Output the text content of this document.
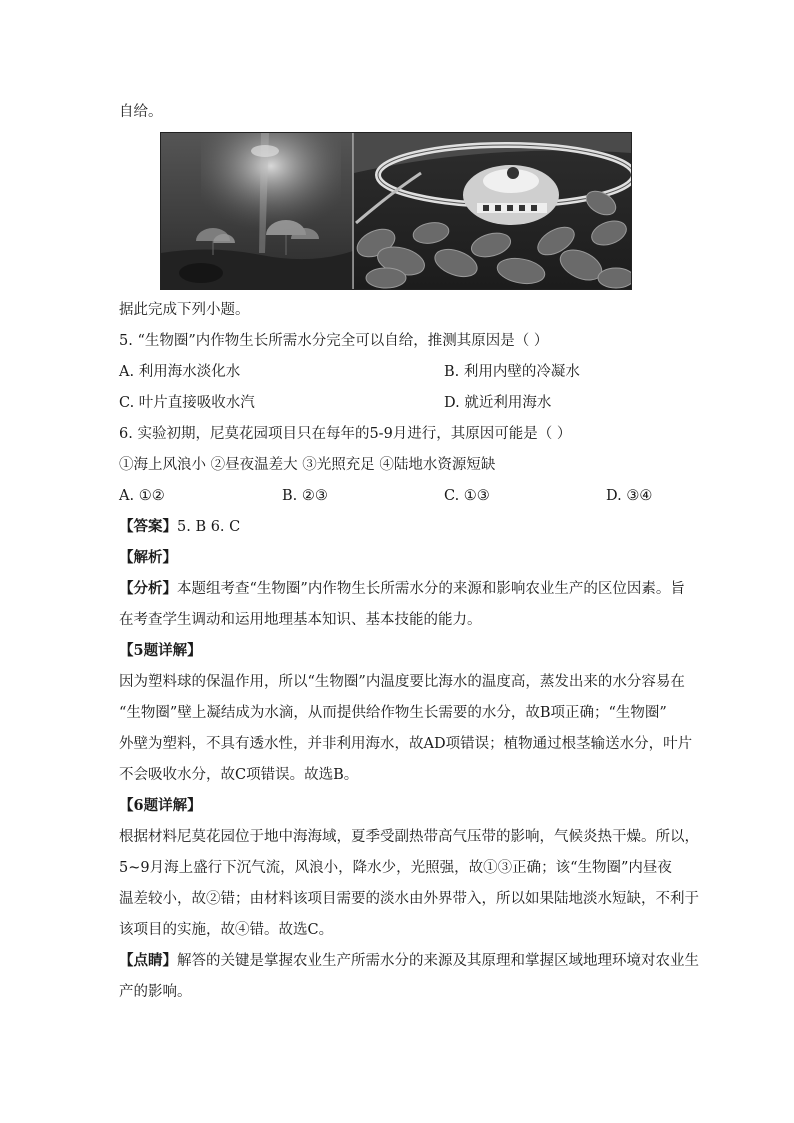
自给。
据此完成下列小题。
5. “生物圈”内作物生长所需水分完全可以自给，推测其原因是（ ）
A. 利用海水淡化水	B. 利用内壁的冷凝水
C. 叶片直接吸收水汽	D. 就近利用海水
6. 实验初期，尼莫花园项目只在每年的5-9月进行，其原因可能是（ ）
①海上风浪小 ②昼夜温差大 ③光照充足 ④陆地水资源短缺
A. ①②	B. ②③	C. ①③	D. ③④
【答案】5. B 6. C
【解析】
【分析】本题组考查“生物圈”内作物生长所需水分的来源和影响农业生产的区位因素。旨
在考查学生调动和运用地理基本知识、基本技能的能力。
【5题详解】
因为塑料球的保温作用，所以“生物圈”内温度要比海水的温度高，蒸发出来的水分容易在
“生物圈”壁上凝结成为水滴，从而提供给作物生长需要的水分，故B项正确；“生物圈”
外壁为塑料，不具有透水性，并非利用海水，故AD项错误；植物通过根茎输送水分，叶片
不会吸收水分，故C项错误。故选B。
【6题详解】
根据材料尼莫花园位于地中海海域，夏季受副热带高气压带的影响，气候炎热干燥。所以，
5~9月海上盛行下沉气流，风浪小，降水少，光照强，故①③正确；该“生物圈”内昼夜
温差较小，故②错；由材料该项目需要的淡水由外界带入，所以如果陆地淡水短缺，不利于
该项目的实施，故④错。故选C。
【点睛】解答的关键是掌握农业生产所需水分的来源及其原理和掌握区域地理环境对农业生
产的影响。
